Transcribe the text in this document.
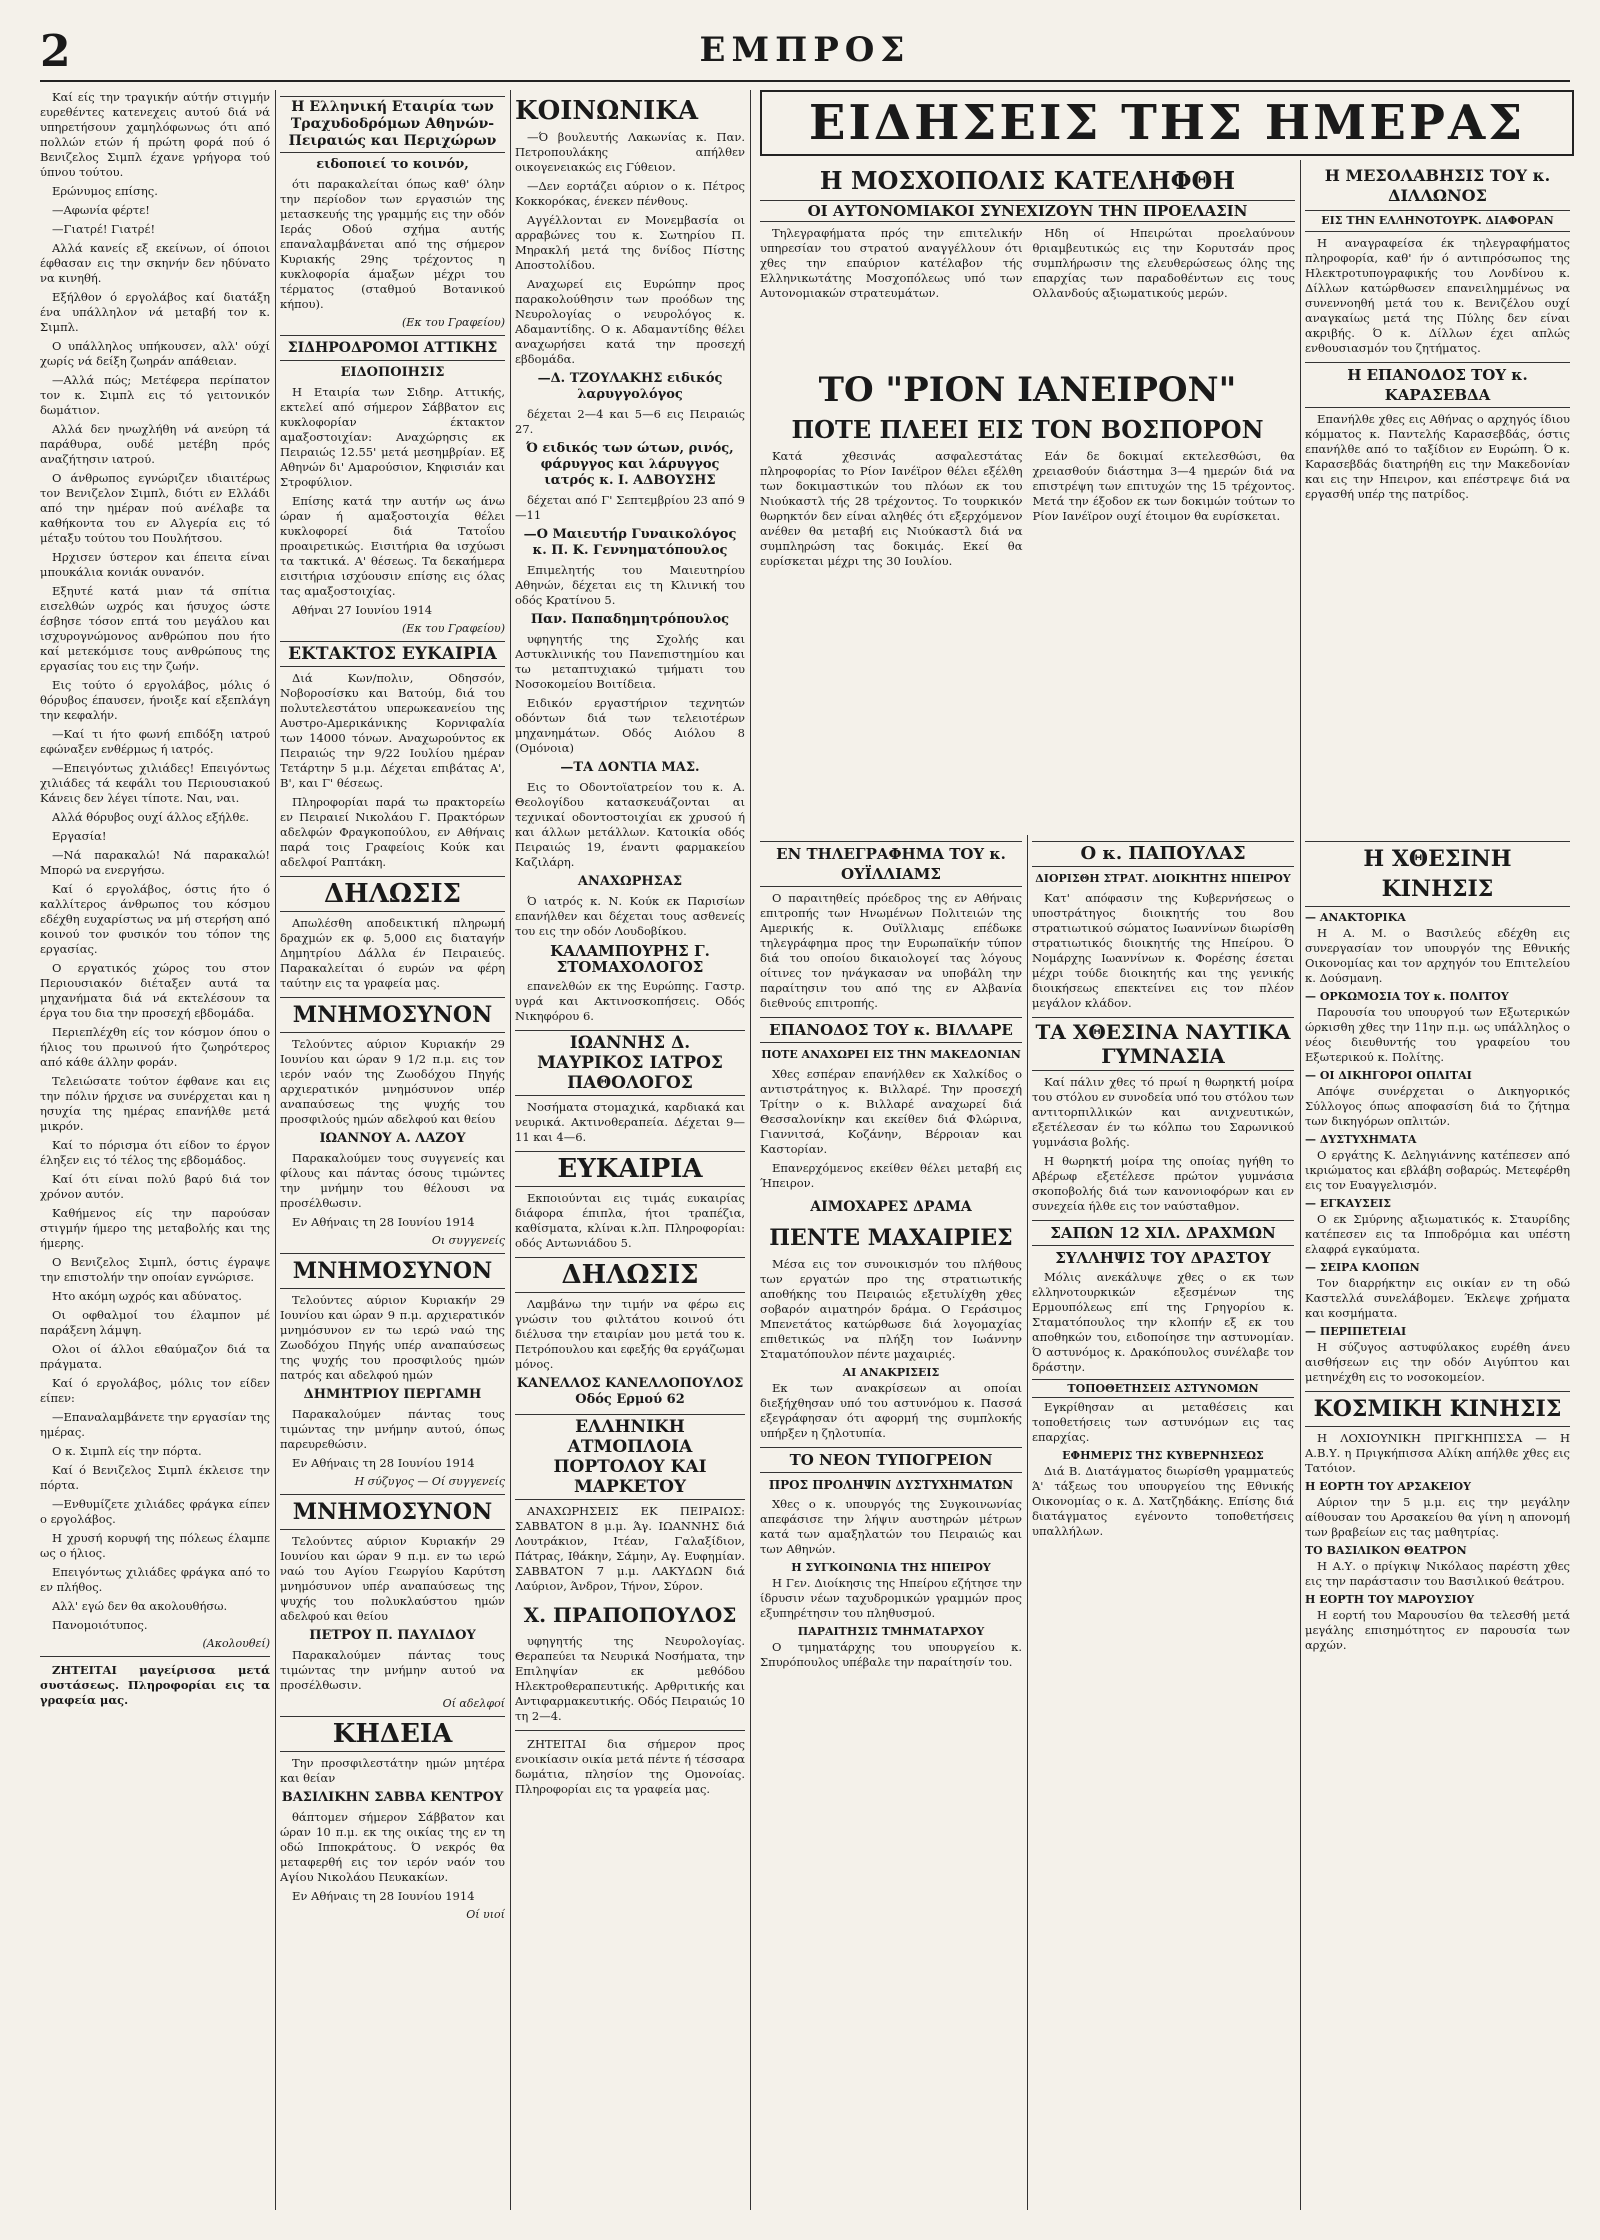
2	ΕΜΠΡΟΣ

Καί είς την τραγικήν αύτήν στιγμήν ευρεθέντες κατενεχεις αυτού διά νά υπηρετήσουν χαμηλόφωνως ότι από πολλών ετών ή πρώτη φορά πού ό Βενιζελος Σιμπλ έχανε γρήγορα τού ύπνου τούτου.

Ερώνυμος επίσης.

—Αφωνία φέρτε!

—Γιατρέ! Γιατρέ!

Αλλά κανείς εξ εκείνων, οί όποιοι έφθασαν εις την σκηνήν δεν ηδύνατο να κινηθή.

Εξήλθον ό εργολάβος καί διατάξη ένα υπάλληλον νά μεταβή τον κ. Σιμπλ.

Ο υπάλληλος υπήκουσεν, αλλ' ούχί χωρίς νά δείξη ζωηράν απάθειαν.

—Αλλά πώς; Μετέφερα περίπατον τον κ. Σιμπλ εις τό γειτονικόν δωμάτιον.

Αλλά δεν ηνωχλήθη νά ανεύρη τά παράθυρα, ουδέ μετέβη πρός αναζήτησιν ιατρού.

Ο άνθρωπος εγνώριζεν ιδιαιτέρως τον Βενιζελον Σιμπλ, διότι εν Ελλάδι από την ημέραν πού ανέλαβε τα καθήκοντα του εν Αλγερία εις τό μέταξυ τούτου του Πουλήτσου.

Ηρχισεν ύστερον και έπειτα είναι μπουκάλια κονιάκ ουνανόν.

Εξηυτέ κατά μιαν τά σπίτια εισελθών ωχρός και ήσυχος ώστε έσβησε τόσον επτά του μεγάλου και ισχυρογνώμονος ανθρώπου που ήτο καί μετεκόμισε τους ανθρώπους της εργασίας του εις την ζωήν.

Εις τούτο ό εργολάβος, μόλις ό θόρυβος έπαυσεν, ήνοιξε καί εξεπλάγη την κεφαλήν.

—Καί τι ήτο φωνή επιδόξη ιατρού εφώναξεν ενθέρμως ή ιατρός.

—Επειγόντως χιλιάδες! Επειγόντως χιλιάδες τά κεφάλι του Περιουσιακού Κάνεις δεν λέγει τίποτε. Ναι, ναι.

Αλλά θόρυβος ουχί άλλος εξήλθε.

Εργασία!

—Νά παρακαλώ! Νά παρακαλώ! Μπορώ να ενεργήσω.

Καί ό εργολάβος, όστις ήτο ό καλλίτερος άνθρωπος του κόσμου εδέχθη ευχαρίστως να μή στερήση από κοινού τον φυσικόν του τόπον της εργασίας.

Ο εργατικός χώρος του στον Περιουσιακόν διέταξεν αυτά τα μηχανήματα διά νά εκτελέσουν τα έργα του δια την προσεχή εβδομάδα.

Περιεπλέχθη είς τον κόσμον όπου ο ήλιος του πρωινού ήτο ζωηρότερος από κάθε άλλην φοράν.

Τελειώσατε τούτον έφθανε και εις την πόλιν ήρχισε να συνέρχεται και η ησυχία της ημέρας επανήλθε μετά μικρόν.

Καί το πόρισμα ότι είδον το έργον έληξεν εις τό τέλος της εβδομάδος.

Καί ότι είναι πολύ βαρύ διά τον χρόνον αυτόν.

Καθήμενος είς την παρούσαν στιγμήν ήμερο της μεταβολής και της ήμερης.

Ο Βενιζελος Σιμπλ, όστις έγραψε την επιστολήν την οποίαν εγνώρισε.

Ητο ακόμη ωχρός και αδύνατος.

Οι οφθαλμοί του έλαμπον μέ παράξενη λάμψη.

Ολοι οί άλλοι εθαύμαζον διά τα πράγματα.

Καί ό εργολάβος, μόλις τον είδεν είπεν:

—Επαναλαμβάνετε την εργασίαν της ημέρας.

Ο κ. Σιμπλ είς την πόρτα.

Καί ό Βενιζελος Σιμπλ έκλεισε την πόρτα.

—Ενθυμίζετε χιλιάδες φράγκα είπεν ο εργολάβος.

Η χρυσή κορυφή της πόλεως έλαμπε ως ο ήλιος.

Επειγόντως χιλιάδες φράγκα από το εν πλήθος.

Αλλ' εγώ δεν θα ακολουθήσω.

Πανομοιότυπος.

(Ακολουθεί)

ΖΗΤΕΙΤΑΙ μαγείρισσα μετά συστάσεως. Πληροφορίαι εις τα γραφεία μας.

Η Ελληνική Εταιρία των Τραχυδοδρόμων Αθηνών-Πειραιώς και Περιχώρων
ειδοποιεί το κοινόν,

ότι παρακαλείται όπως καθ' όλην την περίοδον των εργασιών της μετασκευής της γραμμής εις την οδόν Ιεράς Οδού σχήμα αυτής επαναλαμβάνεται από της σήμερον Κυριακής 29ης τρέχοντος η κυκλοφορία άμαξων μέχρι του τέρματος (σταθμού Βοτανικού κήπου).

(Εκ του Γραφείου)
ΣΙΔΗΡΟΔΡΟΜΟΙ ΑΤΤΙΚΗΣ
ΕΙΔΟΠΟΙΗΣΙΣ

Η Εταιρία των Σιδηρ. Αττικής, εκτελεί από σήμερον Σάββατον εις κυκλοφορίαν έκτακτον αμαξοστοιχίαν: Αναχώρησις εκ Πειραιώς 12.55' μετά μεσημβρίαν. Εξ Αθηνών δι' Αμαρούσιον, Κηφισιάν και Στροφύλιον.

Επίσης κατά την αυτήν ως άνω ώραν ή αμαξοστοιχία θέλει κυκλοφορεί διά Τατοΐου προαιρετικώς. Εισιτήρια θα ισχύωσι τα τακτικά. Α' θέσεως. Τα δεκαήμερα εισιτήρια ισχύουσιν επίσης εις όλας τας αμαξοστοιχίας.

Αθήναι 27 Ιουνίου 1914

(Εκ του Γραφείου)
ΕΚΤΑΚΤΟΣ ΕΥΚΑΙΡΙΑ

Διά Κων/πολιν, Οδησσόν, Νοβοροσίσκυ και Βατούμ, διά του πολυτελεστάτου υπερωκεανείου της Αυστρο-Αμερικάνικης Κορνιφαλία των 14000 τόνων. Αναχωρούντος εκ Πειραιώς την 9/22 Ιουλίου ημέραν Τετάρτην 5 μ.μ. Δέχεται επιβάτας Α', Β', και Γ' θέσεως.

Πληροφορίαι παρά τω πρακτορείω εν Πειραιεί Νικολάου Γ. Πρακτόρων αδελφών Φραγκοπούλου, εν Αθήναις παρά τοις Γραφείοις Κούκ και αδελφοί Ραπτάκη.

ΔΗΛΩΣΙΣ

Απωλέσθη αποδεικτική πληρωμή δραχμών εκ φ. 5,000 εις διαταγήν Δημητρίου Δάλλα έν Πειραιεύς. Παρακαλείται ό ευρών να φέρη ταύτην εις τα γραφεία μας.

ΜΝΗΜΟΣΥΝΟΝ

Τελούντες αύριον Κυριακήν 29 Ιουνίου και ώραν 9 1/2 π.μ. εις τον ιερόν ναόν της Ζωοδόχου Πηγής αρχιερατικόν μνημόσυνον υπέρ αναπαύσεως της ψυχής του προσφιλούς ημών αδελφού και θείου

ΙΩΑΝΝΟΥ Α. ΛΑΖΟΥ

Παρακαλούμεν τους συγγενείς και φίλους και πάντας όσους τιμώντες την μνήμην του θέλουσι να προσέλθωσιν.

Εν Αθήναις τη 28 Ιουνίου 1914

Οι συγγενείς
ΜΝΗΜΟΣΥΝΟΝ

Τελούντες αύριον Κυριακήν 29 Ιουνίου και ώραν 9 π.μ. αρχιερατικόν μνημόσυνον εν τω ιερώ ναώ της Ζωοδόχου Πηγής υπέρ αναπαύσεως της ψυχής του προσφιλούς ημών πατρός και αδελφού ημών

ΔΗΜΗΤΡΙΟΥ ΠΕΡΓΑΜΗ

Παρακαλούμεν πάντας τους τιμώντας την μνήμην αυτού, όπως παρευρεθώσιν.

Εν Αθήναις τη 28 Ιουνίου 1914

Η σύζυγος — Οί συγγενείς
ΜΝΗΜΟΣΥΝΟΝ

Τελούντες αύριον Κυριακήν 29 Ιουνίου και ώραν 9 π.μ. εν τω ιερώ ναώ του Αγίου Γεωργίου Καρύτση μνημόσυνον υπέρ αναπαύσεως της ψυχής του πολυκλαύστου ημών αδελφού και θείου

ΠΕΤΡΟΥ Π. ΠΑΥΛΙΔΟΥ

Παρακαλούμεν πάντας τους τιμώντας την μνήμην αυτού να προσέλθωσιν.

Οί αδελφοί
ΚΗΔΕΙΑ

Την προσφιλεστάτην ημών μητέρα και θείαν

ΒΑΣΙΛΙΚΗΝ ΣΑΒΒΑ ΚΕΝΤΡΟΥ

θάπτομεν σήμερον Σάββατον και ώραν 10 π.μ. εκ της οικίας της εν τη οδώ Ιπποκράτους. Ό νεκρός θα μεταφερθή εις τον ιερόν ναόν του Αγίου Νικολάου Πευκακίων.

Εν Αθήναις τη 28 Ιουνίου 1914

Οί υιοί
ΚΟΙΝΩΝΙΚΑ

—Ό βουλευτής Λακωνίας κ. Παν. Πετροπουλάκης απήλθεν οικογενειακώς εις Γύθειον.

—Δεν εορτάζει αύριον ο κ. Πέτρος Κοκκορόκας, ένεκεν πένθους.

Αγγέλλονται εν Μονεμβασία οι αρραβώνες του κ. Σωτηρίου Π. Μηρακλή μετά της δνίδος Πίστης Αποστολίδου.

Αναχωρεί εις Ευρώπην προς παρακολούθησιν των προόδων της Νευρολογίας ο νευρολόγος κ. Αδαμαντίδης. Ο κ. Αδαμαντίδης θέλει αναχωρήσει κατά την προσεχή εβδομάδα.

—Δ. ΤΖΟΥΛΑΚΗΣ ειδικός λαρυγγολόγος

δέχεται 2—4 και 5—6 εις Πειραιώς 27.

Ό ειδικός των ώτων, ρινός, φάρυγγος και λάρυγγος ιατρός κ. Ι. ΑΔΒΟΥΣΗΣ

δέχεται από Γ' Σεπτεμβρίου 23 από 9—11

—Ο Μαιευτήρ Γυναικολόγος κ. Π. Κ. Γεννηματόπουλος

Επιμελητής του Μαιευτηρίου Αθηνών, δέχεται εις τη Κλινική του οδός Κρατίνου 5.

Παν. Παπαδημητρόπουλος

υφηγητής της Σχολής και Αστυκλινικής του Πανεπιστημίου και τω μεταπτυχιακώ τμήματι του Νοσοκομείου Βοιτίδεια.

Ειδικόν εργαστήριον τεχνητών οδόντων διά των τελειοτέρων μηχανημάτων. Οδός Αιόλου 8 (Ομόνοια)

—ΤΑ ΔΟΝΤΙΑ ΜΑΣ.

Εις το Οδοντοϊατρείον του κ. Α. Θεολογίδου κατασκευάζονται αι τεχνικαί οδοντοστοιχίαι εκ χρυσού ή και άλλων μετάλλων. Κατοικία οδός Πειραιώς 19, έναντι φαρμακείου Καζιλάρη.

ΑΝΑΧΩΡΗΣΑΣ

Ό ιατρός κ. Ν. Κούκ εκ Παρισίων επανήλθεν και δέχεται τους ασθενείς του εις την οδόν Λουδοβίκου.

ΚΑΛΑΜΠΟΥΡΗΣ Γ. ΣΤΟΜΑΧΟΛΟΓΟΣ

επανελθών εκ της Ευρώπης. Γαστρ. υγρά και Ακτινοσκοπήσεις. Οδός Νικηφόρου 6.

ΙΩΑΝΝΗΣ Δ. ΜΑΥΡΙΚΟΣ ΙΑΤΡΟΣ ΠΑΘΟΛΟΓΟΣ

Νοσήματα στομαχικά, καρδιακά και νευρικά. Ακτινοθεραπεία. Δέχεται 9—11 και 4—6.

ΕΥΚΑΙΡΙΑ

Εκποιούνται εις τιμάς ευκαιρίας διάφορα έπιπλα, ήτοι τραπέζια, καθίσματα, κλίναι κ.λπ. Πληροφορίαι: οδός Αντωνιάδου 5.

ΔΗΛΩΣΙΣ

Λαμβάνω την τιμήν να φέρω εις γνώσιν του φιλτάτου κοινού ότι διέλυσα την εταιρίαν μου μετά του κ. Πετρόπουλου και εφεξής θα εργάζωμαι μόνος.

ΚΑΝΕΛΛΟΣ ΚΑΝΕΛΛΟΠΟΥΛΟΣ Οδός Ερμού 62
ΕΛΛΗΝΙΚΗ ΑΤΜΟΠΛΟΙΑ ΠΟΡΤΟΛΟΥ ΚΑΙ ΜΑΡΚΕΤΟΥ

ΑΝΑΧΩΡΗΣΕΙΣ ΕΚ ΠΕΙΡΑΙΩΣ: ΣΑΒΒΑΤΟΝ 8 μ.μ. Άγ. ΙΩΑΝΝΗΣ διά Λουτράκιον, Ιτέαν, Γαλαξίδιον, Πάτρας, Ιθάκην, Σάμην, Αγ. Ευφημίαν. ΣΑΒΒΑΤΟΝ 7 μ.μ. ΛΑΚΥΔΩΝ διά Λαύριον, Άνδρον, Τήνον, Σύρον.

Χ. ΠΡΑΠΟΠΟΥΛΟΣ

υφηγητής της Νευρολογίας. Θεραπεύει τα Νευρικά Νοσήματα, την Επιληψίαν εκ μεθόδου Ηλεκτροθεραπευτικής. Αρθριτικής και Αντιφαρμακευτικής. Οδός Πειραιώς 10 τη 2—4.

ΖΗΤΕΙΤΑΙ δια σήμερον προς ενοικίασιν οικία μετά πέντε ή τέσσαρα δωμάτια, πλησίον της Ομονοίας. Πληροφορίαι εις τα γραφεία μας.

ΕΙΔΗΣΕΙΣ ΤΗΣ ΗΜΕΡΑΣ
Η ΜΟΣΧΟΠΟΛΙΣ ΚΑΤΕΛΗΦΘΗ
ΟΙ ΑΥΤΟΝΟΜΙΑΚΟΙ ΣΥΝΕΧΙΖΟΥΝ ΤΗΝ ΠΡΟΕΛΑΣΙΝ

Τηλεγραφήματα πρός την επιτελικήν υπηρεσίαν του στρατού αναγγέλλουν ότι χθες την επαύριον κατέλαβον τής Ελληνικωτάτης Μοσχοπόλεως υπό των Αυτονομιακών στρατευμάτων.

Ηδη οί Ηπειρώται προελαύνουν θριαμβευτικώς εις την Κορυτσάν προς συμπλήρωσιν της ελευθερώσεως όλης της επαρχίας των παραδοθέντων εις τους Ολλανδούς αξιωματικούς μερών.

ΤΟ "ΡΙΟΝ ΙΑΝΕΙΡΟΝ"
ΠΟΤΕ ΠΛΕΕΙ ΕΙΣ ΤΟΝ ΒΟΣΠΟΡΟΝ

Κατά χθεσινάς ασφαλεστάτας πληροφορίας το Ρίον Ιανέϊρον θέλει εξέλθη των δοκιμαστικών του πλόων εκ του Νιούκαστλ τής 28 τρέχοντος. Το τουρκικόν θωρηκτόν δεν είναι αληθές ότι εξερχόμενον ανέθεν θα μεταβή εις Νιούκαστλ διά να συμπληρώση τας δοκιμάς. Εκεί θα ευρίσκεται μέχρι της 30 Ιουλίου.

Εάν δε δοκιμαί εκτελεσθώσι, θα χρειασθούν διάστημα 3—4 ημερών διά να επιστρέψη των επιτυχών της 15 τρέχοντος. Μετά την έξοδον εκ των δοκιμών τούτων το Ρίον Ιανέϊρον ουχί έτοιμον θα ευρίσκεται.

Η ΜΕΣΟΛΑΒΗΣΙΣ ΤΟΥ κ. ΔΙΛΛΩΝΟΣ
ΕΙΣ ΤΗΝ ΕΛΛΗΝΟΤΟΥΡΚ. ΔΙΑΦΟΡΑΝ

Η αναγραφείσα έκ τηλεγραφήματος πληροφορία, καθ' ήν ό αντιπρόσωπος της Ηλεκτροτυπογραφικής του Λονδίνου κ. Δίλλων κατώρθωσεν επανειλημμένως να συνεννοηθή μετά του κ. Βενιζέλου ουχί αναγκαίως μετά της Πύλης δεν είναι ακριβής. Ό κ. Δίλλων έχει απλώς ενθουσιασμόν του ζητήματος.

Η ΕΠΑΝΟΔΟΣ ΤΟΥ κ. ΚΑΡΑΣΕΒΔΑ

Επανήλθε χθες εις Αθήνας ο αρχηγός ίδιου κόμματος κ. Παντελής Καρασεβδάς, όστις επανήλθε από το ταξίδιον εν Ευρώπη. Ό κ. Καρασεβδάς διατηρήθη εις την Μακεδονίαν και εις την Ηπειρον, και επέστρεψε διά να εργασθή υπέρ της πατρίδος.

ΕΝ ΤΗΛΕΓΡΑΦΗΜΑ ΤΟΥ κ. ΟΥΪΛΛΙΑΜΣ

Ο παραιτηθείς πρόεδρος της εν Αθήναις επιτροπής των Ηνωμένων Πολιτειών της Αμερικής κ. Ουϊλλιαμς επέδωκε τηλεγράφημα προς την Ευρωπαϊκήν τύπον διά του οποίου δικαιολογεί τας λόγους οίτινες τον ηνάγκασαν να υποβάλη την παραίτησιν του από της εν Αλβανία διεθνούς επιτροπής.

ΕΠΑΝΟΔΟΣ ΤΟΥ κ. ΒΙΛΛΑΡΕ
ΠΟΤΕ ΑΝΑΧΩΡΕΙ ΕΙΣ ΤΗΝ ΜΑΚΕΔΟΝΙΑΝ

Χθες εσπέραν επανήλθεν εκ Χαλκίδος ο αντιστράτηγος κ. Βιλλαρέ. Την προσεχή Τρίτην ο κ. Βιλλαρέ αναχωρεί διά Θεσσαλονίκην και εκείθεν διά Φλώρινα, Γιαννιτσά, Κοζάνην, Βέρροιαν και Καστορίαν.

Επανερχόμενος εκείθεν θέλει μεταβή εις Ήπειρον.

ΑΙΜΟΧΑΡΕΣ ΔΡΑΜΑ
ΠΕΝΤΕ ΜΑΧΑΙΡΙΕΣ

Μέσα εις τον συνοικισμόν του πλήθους των εργατών προ της στρατιωτικής αποθήκης του Πειραιώς εξετυλίχθη χθες σοβαρόν αιματηρόν δράμα. Ο Γεράσιμος Μπενετάτος κατώρθωσε διά λογομαχίας επιθετικώς να πλήξη τον Ιωάννην Σταματόπουλον πέντε μαχαιριές.

ΑΙ ΑΝΑΚΡΙΣΕΙΣ

Εκ των ανακρίσεων αι οποίαι διεξήχθησαν υπό του αστυνόμου κ. Πασσά εξεγράφησαν ότι αφορμή της συμπλοκής υπήρξεν η ζηλοτυπία.

ΤΟ ΝΕΟΝ ΤΥΠΟΓΡΕΙΟΝ
ΠΡΟΣ ΠΡΟΛΗΨΙΝ ΔΥΣΤΥΧΗΜΑΤΩΝ

Χθες ο κ. υπουργός της Συγκοινωνίας απεφάσισε την λήψιν αυστηρών μέτρων κατά των αμαξηλατών του Πειραιώς και των Αθηνών.

Η ΣΥΓΚΟΙΝΩΝΙΑ ΤΗΣ ΗΠΕΙΡΟΥ

Η Γεν. Διοίκησις της Ηπείρου εζήτησε την ίδρυσιν νέων ταχυδρομικών γραμμών προς εξυπηρέτησιν του πληθυσμού.

ΠΑΡΑΙΤΗΣΙΣ ΤΜΗΜΑΤΑΡΧΟΥ

Ο τμηματάρχης του υπουργείου κ. Σπυρόπουλος υπέβαλε την παραίτησίν του.

Ο κ. ΠΑΠΟΥΛΑΣ
ΔΙΟΡΙΣΘΗ ΣΤΡΑΤ. ΔΙΟΙΚΗΤΗΣ ΗΠΕΙΡΟΥ

Κατ' απόφασιν της Κυβερνήσεως ο υποστράτηγος διοικητής του 8ου στρατιωτικού σώματος Ιωαννίνων διωρίσθη στρατιωτικός διοικητής της Ηπείρου. Ό Νομάρχης Ιωαννίνων κ. Φορέσης έσεται μέχρι τούδε διοικητής και της γενικής διοικήσεως επεκτείνει εις τον πλέον μεγάλον κλάδον.

ΤΑ ΧΘΕΣΙΝΑ ΝΑΥΤΙΚΑ ΓΥΜΝΑΣΙΑ

Καί πάλιν χθες τό πρωί η θωρηκτή μοίρα του στόλου εν συνοδεία υπό του στόλου των αντιτορπιλλικών και ανιχνευτικών, εξετέλεσαν έν τω κόλπω του Σαρωνικού γυμνάσια βολής.

Η θωρηκτή μοίρα της οποίας ηγήθη το Αβέρωφ εξετέλεσε πρώτον γυμνάσια σκοποβολής διά των κανονιοφόρων και εν συνεχεία ήλθε εις τον ναύσταθμον.

ΣΑΠΩΝ 12 ΧΙΛ. ΔΡΑΧΜΩΝ
ΣΥΛΛΗΨΙΣ ΤΟΥ ΔΡΑΣΤΟΥ

Μόλις ανεκάλυψε χθες ο εκ των ελληνοτουρκικών εξεσμένων της Ερμουπόλεως επί της Γρηγορίου κ. Σταματόπουλος την κλοπήν εξ εκ του αποθηκών του, ειδοποίησε την αστυνομίαν. Ό αστυνόμος κ. Δρακόπουλος συνέλαβε τον δράστην.

ΤΟΠΟΘΕΤΗΣΕΙΣ ΑΣΤΥΝΟΜΩΝ

Εγκρίθησαν αι μεταθέσεις και τοποθετήσεις των αστυνόμων εις τας επαρχίας.

ΕΦΗΜΕΡΙΣ ΤΗΣ ΚΥΒΕΡΝΗΣΕΩΣ

Διά Β. Διατάγματος διωρίσθη γραμματεύς Ά' τάξεως του υπουργείου της Εθνικής Οικονομίας ο κ. Δ. Χατζηδάκης. Επίσης διά διατάγματος εγένοντο τοποθετήσεις υπαλλήλων.

Η ΧΘΕΣΙΝΗ ΚΙΝΗΣΙΣ
— ΑΝΑΚΤΟΡΙΚΑ

Η Α. Μ. ο Βασιλεύς εδέχθη εις συνεργασίαν τον υπουργόν της Εθνικής Οικονομίας και τον αρχηγόν του Επιτελείου κ. Δούσμανη.

— ΟΡΚΩΜΟΣΙΑ ΤΟΥ κ. ΠΟΛΙΤΟΥ

Παρουσία του υπουργού των Εξωτερικών ώρκισθη χθες την 11ην π.μ. ως υπάλληλος ο νέος διευθυντής του γραφείου του Εξωτερικού κ. Πολίτης.

— ΟΙ ΔΙΚΗΓΟΡΟΙ ΟΠΛΙΤΑΙ

Απόψε συνέρχεται ο Δικηγορικός Σύλλογος όπως αποφασίση διά το ζήτημα των δικηγόρων οπλιτών.

— ΔΥΣΤΥΧΗΜΑΤΑ

Ο εργάτης Κ. Δεληγιάννης κατέπεσεν από ικριώματος και εβλάβη σοβαρώς. Μετεφέρθη εις τον Ευαγγελισμόν.

— ΕΓΚΑΥΣΕΙΣ

Ο εκ Σμύρνης αξιωματικός κ. Σταυρίδης κατέπεσεν εις τα Ιπποδρόμια και υπέστη ελαφρά εγκαύματα.

— ΣΕΙΡΑ ΚΛΟΠΩΝ

Τον διαρρήκτην εις οικίαν εν τη οδώ Καστελλά συνελάβομεν. Έκλεψε χρήματα και κοσμήματα.

— ΠΕΡΙΠΕΤΕΙΑΙ

Η σύζυγος αστυφύλακος ευρέθη άνευ αισθήσεων εις την οδόν Αιγύπτου και μετηνέχθη εις το νοσοκομείον.

ΚΟΣΜΙΚΗ ΚΙΝΗΣΙΣ

Η ΛΟΧΙΟΥΝΙΚΗ ΠΡΙΓΚΗΠΙΣΣΑ — Η Α.Β.Υ. η Πριγκήπισσα Αλίκη απήλθε χθες εις Τατόιον.

Η ΕΟΡΤΗ ΤΟΥ ΑΡΣΑΚΕΙΟΥ

Αύριον την 5 μ.μ. εις την μεγάλην αίθουσαν του Αρσακείου θα γίνη η απονομή των βραβείων εις τας μαθητρίας.

ΤΟ ΒΑΣΙΛΙΚΟΝ ΘΕΑΤΡΟΝ

Η Α.Υ. ο πρίγκιψ Νικόλαος παρέστη χθες εις την παράστασιν του Βασιλικού θεάτρου.

Η ΕΟΡΤΗ ΤΟΥ ΜΑΡΟΥΣΙΟΥ

Η εορτή του Μαρουσίου θα τελεσθή μετά μεγάλης επισημότητος εν παρουσία των αρχών.
